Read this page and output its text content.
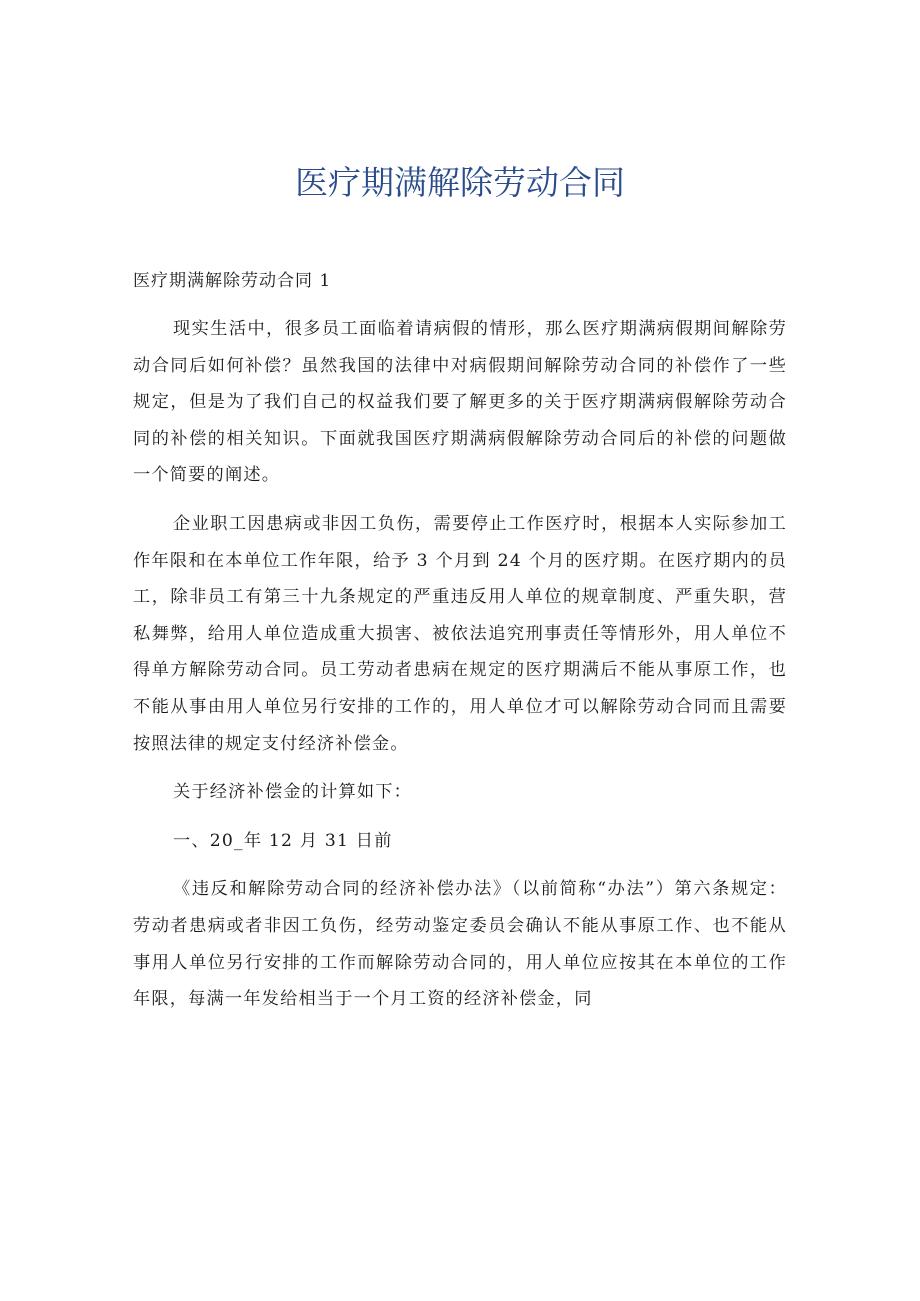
医疗期满解除劳动合同

医疗期满解除劳动合同 1

现实生活中，很多员工面临着请病假的情形，那么医疗期满病假期间解除劳动合同后如何补偿？虽然我国的法律中对病假期间解除劳动合同的补偿作了一些规定，但是为了我们自己的权益我们要了解更多的关于医疗期满病假解除劳动合同的补偿的相关知识。下面就我国医疗期满病假解除劳动合同后的补偿的问题做一个简要的阐述。

企业职工因患病或非因工负伤，需要停止工作医疗时，根据本人实际参加工作年限和在本单位工作年限，给予 3 个月到 24 个月的医疗期。在医疗期内的员工，除非员工有第三十九条规定的严重违反用人单位的规章制度、严重失职，营私舞弊，给用人单位造成重大损害、被依法追究刑事责任等情形外，用人单位不得单方解除劳动合同。员工劳动者患病在规定的医疗期满后不能从事原工作，也不能从事由用人单位另行安排的工作的，用人单位才可以解除劳动合同而且需要按照法律的规定支付经济补偿金。

关于经济补偿金的计算如下：

一、20_年 12 月 31 日前

《违反和解除劳动合同的经济补偿办法》（以前简称“办法”）第六条规定：劳动者患病或者非因工负伤，经劳动鉴定委员会确认不能从事原工作、也不能从事用人单位另行安排的工作而解除劳动合同的，用人单位应按其在本单位的工作年限，每满一年发给相当于一个月工资的经济补偿金，同
